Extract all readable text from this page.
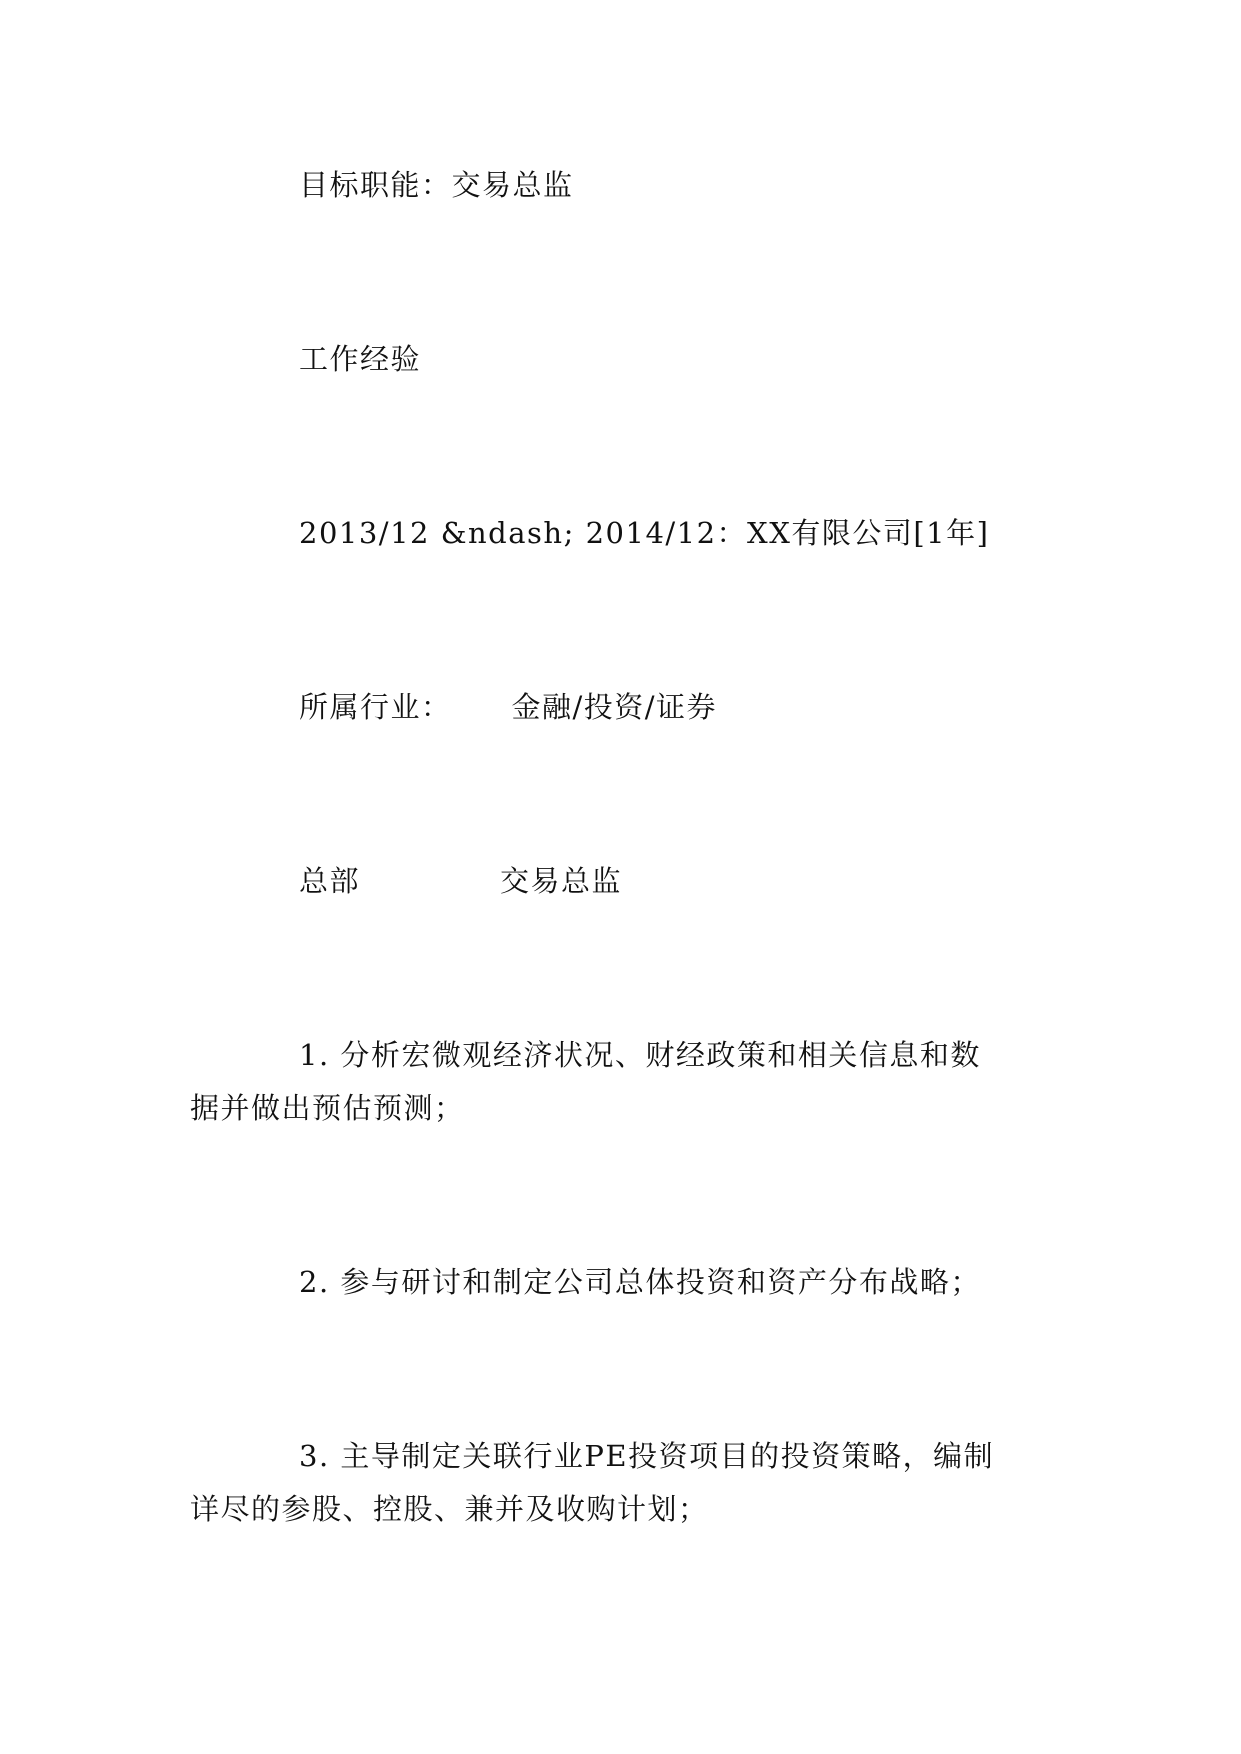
目标职能：交易总监
工作经验
2013/12 &ndash; 2014/12：XX有限公司[1年]
所属行业： 金融/投资/证券
总部	交易总监
1. 分析宏微观经济状况、财经政策和相关信息和数
据并做出预估预测；
2. 参与研讨和制定公司总体投资和资产分布战略；
3. 主导制定关联行业PE投资项目的投资策略，编制
详尽的参股、控股、兼并及收购计划；
